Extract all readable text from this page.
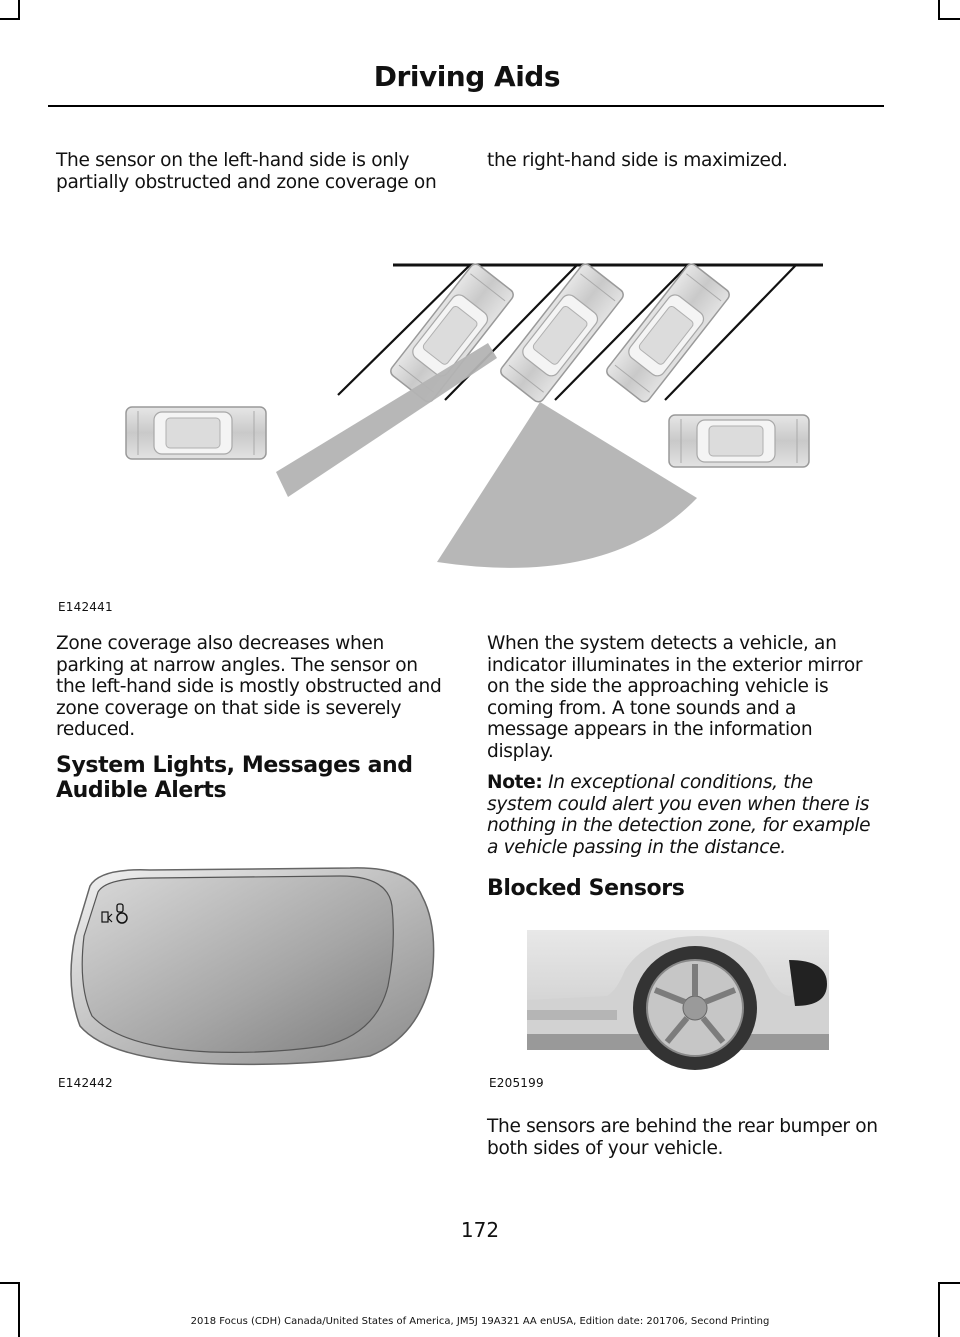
Driving Aids

The sensor on the left-hand side is only partially obstructed and zone coverage on

the right-hand side is maximized.

E142441

Zone coverage also decreases when parking at narrow angles. The sensor on the left-hand side is mostly obstructed and zone coverage on that side is severely reduced.

System Lights, Messages and Audible Alerts

E142442

When the system detects a vehicle, an indicator illuminates in the exterior mirror on the side the approaching vehicle is coming from. A tone sounds and a message appears in the information display.

Note: In exceptional conditions, the system could alert you even when there is nothing in the detection zone, for example a vehicle passing in the distance.

Blocked Sensors

E205199

The sensors are behind the rear bumper on both sides of your vehicle.

172
2018 Focus (CDH) Canada/United States of America, JM5J 19A321 AA enUSA, Edition date: 201706, Second Printing
